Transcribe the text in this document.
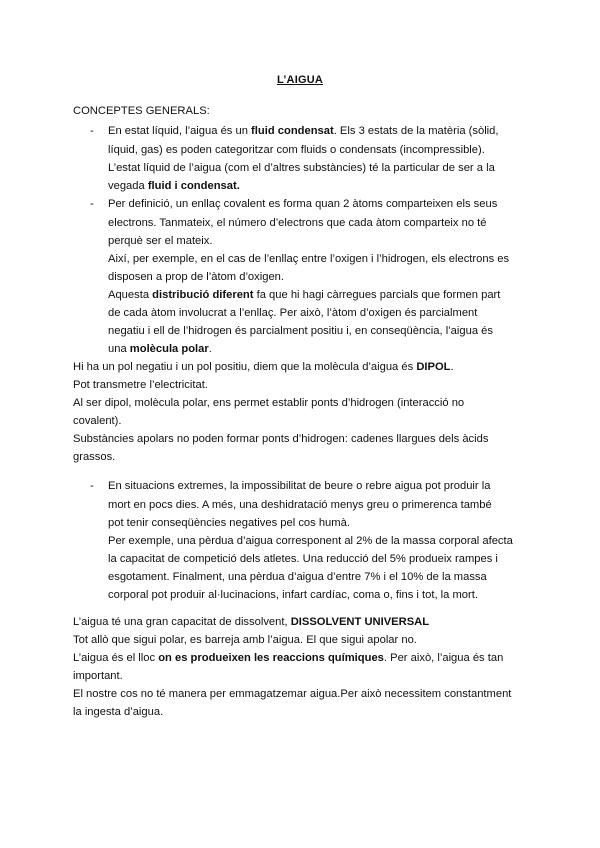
L’AIGUA
CONCEPTES GENERALS:
- En estat líquid, l’aigua és un fluid condensat. Els 3 estats de la matèria (sòlid,
líquid, gas) es poden categoritzar com fluids o condensats (incompressible).
L’estat líquid de l’aigua (com el d’altres substàncies) té la particular de ser a la
vegada fluid i condensat.
- Per definició, un enllaç covalent es forma quan 2 àtoms comparteixen els seus
electrons. Tanmateix, el número d’electrons que cada àtom comparteix no té
perquè ser el mateix.
Així, per exemple, en el cas de l’enllaç entre l’oxigen i l’hidrogen, els electrons es
disposen a prop de l’àtom d’oxigen.
Aquesta distribució diferent fa que hi hagi càrregues parcials que formen part
de cada àtom involucrat a l’enllaç. Per això, l’àtom d’oxigen és parcialment
negatiu i ell de l’hidrogen és parcialment positiu i, en conseqüència, l’aigua és
una molècula polar.
Hi ha un pol negatiu i un pol positiu, diem que la molècula d’aigua és DIPOL.
Pot transmetre l’electricitat.
Al ser dipol, molècula polar, ens permet establir ponts d’hidrogen (interacció no
covalent).
Substàncies apolars no poden formar ponts d’hidrogen: cadenes llargues dels àcids
grassos.
- En situacions extremes, la impossibilitat de beure o rebre aigua pot produir la
mort en pocs dies. A més, una deshidratació menys greu o primerenca també
pot tenir conseqüències negatives pel cos humà.
Per exemple, una pèrdua d’aigua corresponent al 2% de la massa corporal afecta
la capacitat de competició dels atletes. Una reducció del 5% produeix rampes i
esgotament. Finalment, una pèrdua d’aigua d’entre 7% i el 10% de la massa
corporal pot produir al·lucinacions, infart cardíac, coma o, fins i tot, la mort.
L’aigua té una gran capacitat de dissolvent, DISSOLVENT UNIVERSAL
Tot allò que sigui polar, es barreja amb l’aigua. El que sigui apolar no.
L’aigua és el lloc on es produeixen les reaccions químiques. Per això, l’aigua és tan
important.
El nostre cos no té manera per emmagatzemar aigua.Per això necessitem constantment
la ingesta d’aigua.
